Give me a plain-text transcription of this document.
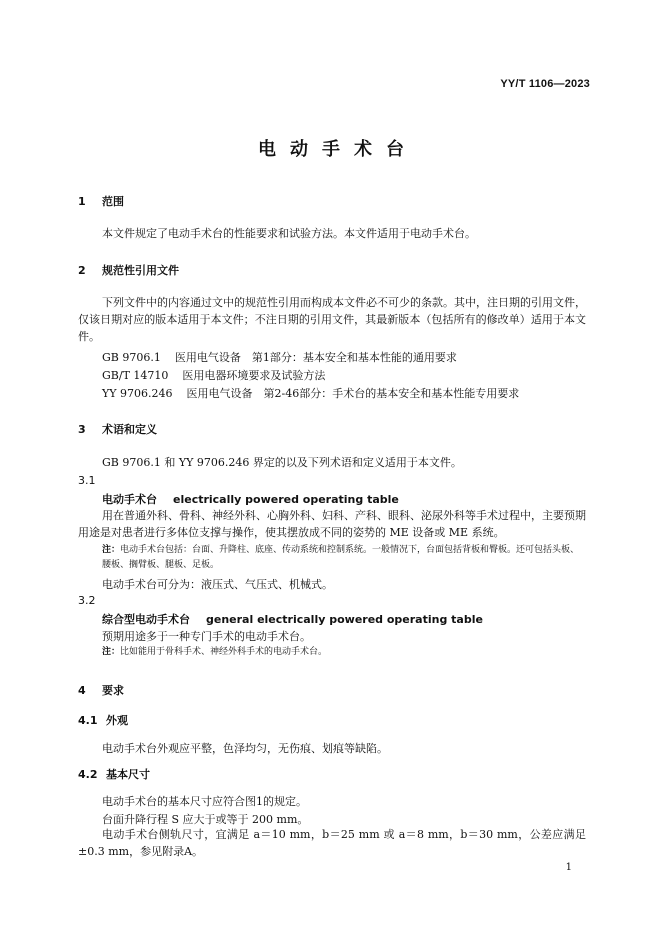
YY/T 1106—2023
电动手术台
1 范围
本文件规定了电动手术台的性能要求和试验方法。本文件适用于电动手术台。
2 规范性引用文件
下列文件中的内容通过文中的规范性引用而构成本文件必不可少的条款。其中，注日期的引用文件，仅该日期对应的版本适用于本文件；不注日期的引用文件，其最新版本（包括所有的修改单）适用于本文件。
GB 9706.1 医用电气设备　第1部分：基本安全和基本性能的通用要求
GB/T 14710 医用电器环境要求及试验方法
YY 9706.246 医用电气设备　第2-46部分：手术台的基本安全和基本性能专用要求
3 术语和定义
GB 9706.1 和 YY 9706.246 界定的以及下列术语和定义适用于本文件。
3.1
电动手术台 electrically powered operating table
用在普通外科、骨科、神经外科、心胸外科、妇科、产科、眼科、泌尿外科等手术过程中，主要预期用途是对患者进行多体位支撑与操作，使其摆放成不同的姿势的 ME 设备或 ME 系统。
注：电动手术台包括：台面、升降柱、底座、传动系统和控制系统。一般情况下，台面包括背板和臀板。还可包括头板、腰板、搁臂板、腿板、足板。
电动手术台可分为：液压式、气压式、机械式。
3.2
综合型电动手术台 general electrically powered operating table
预期用途多于一种专门手术的电动手术台。
注：比如能用于骨科手术、神经外科手术的电动手术台。
4 要求
4.1 外观
电动手术台外观应平整，色泽均匀，无伤痕、划痕等缺陷。
4.2 基本尺寸
电动手术台的基本尺寸应符合图1的规定。
台面升降行程 S 应大于或等于 200 mm。
电动手术台侧轨尺寸，宜满足 a＝10 mm，b＝25 mm 或 a＝8 mm，b＝30 mm，公差应满足±0.3 mm，参见附录A。
1
